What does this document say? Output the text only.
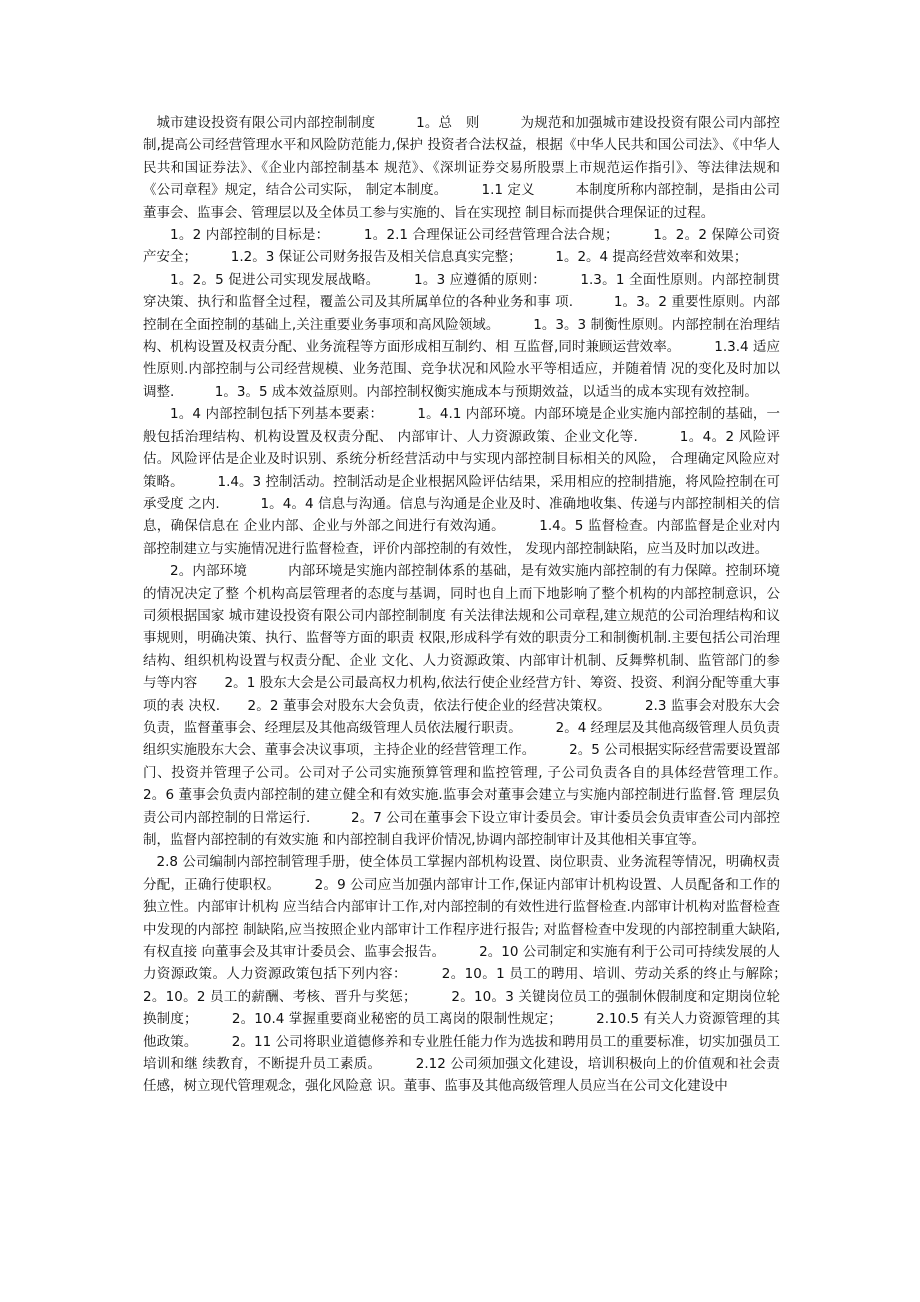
城市建设投资有限公司内部控制制度　　　1。总　则　　　为规范和加强城市建设投资有限公司内部控制,提高公司经营管理水平和风险防范能力,保护 投资者合法权益，根据《中华人民共和国公司法》、《中华人民共和国证券法》、《企业内部控制基本 规范》、《深圳证券交易所股票上市规范运作指引》、等法律法规和《公司章程》规定，结合公司实际， 制定本制度。　　　1.1 定义　　　本制度所称内部控制，是指由公司董事会、监事会、管理层以及全体员工参与实施的、旨在实现控 制目标而提供合理保证的过程。

1。2 内部控制的目标是：　　　1。2.1 合理保证公司经营管理合法合规；　　　1。2。2 保障公司资产安全；　　　1.2。3 保证公司财务报告及相关信息真实完整；　　　1。2。4 提高经营效率和效果；

1。2。5 促进公司实现发展战略。　　　1。3 应遵循的原则：　　　1.3。1 全面性原则。内部控制贯穿决策、执行和监督全过程，覆盖公司及其所属单位的各种业务和事 项.　　　1。3。2 重要性原则。内部控制在全面控制的基础上,关注重要业务事项和高风险领域。　　　1。3。3 制衡性原则。内部控制在治理结构、机构设置及权责分配、业务流程等方面形成相互制约、相 互监督,同时兼顾运营效率。　　　1.3.4 适应性原则.内部控制与公司经营规模、业务范围、竞争状况和风险水平等相适应，并随着情 况的变化及时加以调整.　　　1。3。5 成本效益原则。内部控制权衡实施成本与预期效益，以适当的成本实现有效控制。

1。4 内部控制包括下列基本要素：　　　1。4.1 内部环境。内部环境是企业实施内部控制的基础，一般包括治理结构、机构设置及权责分配、 内部审计、人力资源政策、企业文化等.　　　1。4。2 风险评估。风险评估是企业及时识别、系统分析经营活动中与实现内部控制目标相关的风险， 合理确定风险应对策略。　　　1.4。3 控制活动。控制活动是企业根据风险评估结果，采用相应的控制措施，将风险控制在可承受度 之内.　　　1。4。4 信息与沟通。信息与沟通是企业及时、准确地收集、传递与内部控制相关的信息，确保信息在 企业内部、企业与外部之间进行有效沟通。　　　1.4。5 监督检查。内部监督是企业对内部控制建立与实施情况进行监督检查，评价内部控制的有效性， 发现内部控制缺陷，应当及时加以改进。

2。内部环境　　　内部环境是实施内部控制体系的基础，是有效实施内部控制的有力保障。控制环境的情况决定了整 个机构高层管理者的态度与基调，同时也自上而下地影响了整个机构的内部控制意识，公司须根据国家 城市建设投资有限公司内部控制制度 有关法律法规和公司章程,建立规范的公司治理结构和议事规则，明确决策、执行、监督等方面的职责 权限,形成科学有效的职责分工和制衡机制.主要包括公司治理结构、组织机构设置与权责分配、企业 文化、人力资源政策、内部审计机制、反舞弊机制、监管部门的参与等内容　　2。1 股东大会是公司最高权力机构,依法行使企业经营方针、筹资、投资、利润分配等重大事项的表 决权.　　2。2 董事会对股东大会负责，依法行使企业的经营决策权。　　　2.3 监事会对股东大会负责，监督董事会、经理层及其他高级管理人员依法履行职责。　　　2。4 经理层及其他高级管理人员负责组织实施股东大会、董事会决议事项，主持企业的经营管理工作。　　　2。5 公司根据实际经营需要设置部门、投资并管理子公司。公司对子公司实施预算管理和监控管理, 子公司负责各自的具体经营管理工作。　　2。6 董事会负责内部控制的建立健全和有效实施.监事会对董事会建立与实施内部控制进行监督.管 理层负责公司内部控制的日常运行.　　　2。7 公司在董事会下设立审计委员会。审计委员会负责审查公司内部控制，监督内部控制的有效实施 和内部控制自我评价情况,协调内部控制审计及其他相关事宜等。

2.8 公司编制内部控制管理手册，使全体员工掌握内部机构设置、岗位职责、业务流程等情况，明确权责分配，正确行使职权。　　　2。9 公司应当加强内部审计工作,保证内部审计机构设置、人员配备和工作的独立性。内部审计机构 应当结合内部审计工作,对内部控制的有效性进行监督检查.内部审计机构对监督检查中发现的内部控 制缺陷,应当按照企业内部审计工作程序进行报告; 对监督检查中发现的内部控制重大缺陷,有权直接 向董事会及其审计委员会、监事会报告。　　　2。10 公司制定和实施有利于公司可持续发展的人力资源政策。人力资源政策包括下列内容：　　　2。10。1 员工的聘用、培训、劳动关系的终止与解除；　　　2。10。2 员工的薪酬、考核、晋升与奖惩；　　　2。10。3 关键岗位员工的强制休假制度和定期岗位轮换制度；　　　2。10.4 掌握重要商业秘密的员工离岗的限制性规定；　　　2.10.5 有关人力资源管理的其他政策。　　　2。11 公司将职业道德修养和专业胜任能力作为选拔和聘用员工的重要标准，切实加强员工培训和继 续教育，不断提升员工素质。　　　2.12 公司须加强文化建设，培训积极向上的价值观和社会责任感，树立现代管理观念，强化风险意 识。董事、监事及其他高级管理人员应当在公司文化建设中
